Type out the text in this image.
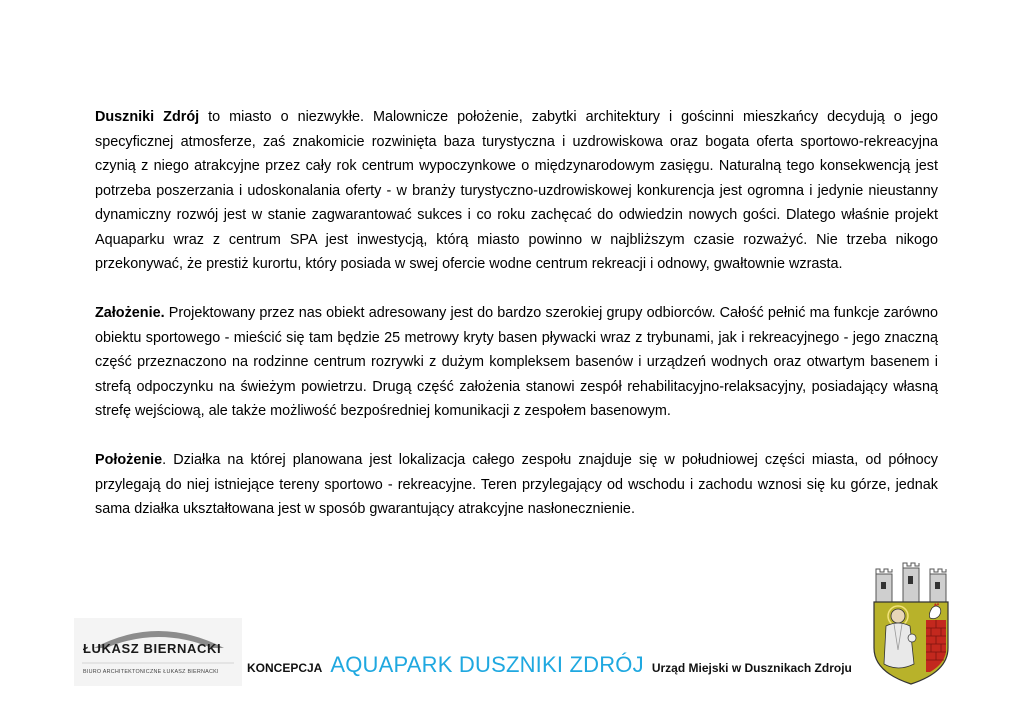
Duszniki Zdrój to miasto o niezwykłe. Malownicze położenie, zabytki architektury i gościnni mieszkańcy decydują o jego specyficznej atmosferze, zaś znakomicie rozwinięta baza turystyczna i uzdrowiskowa oraz bogata oferta sportowo-rekreacyjna czynią z niego atrakcyjne przez cały rok centrum wypoczynkowe o międzynarodowym zasięgu. Naturalną tego konsekwencją jest potrzeba poszerzania i udoskonalania oferty - w branży turystyczno-uzdrowiskowej konkurencja jest ogromna i jedynie nieustanny dynamiczny rozwój jest w stanie zagwarantować sukces i co roku zachęcać do odwiedzin nowych gości. Dlatego właśnie projekt Aquaparku wraz z centrum SPA jest inwestycją, którą miasto powinno w najbliższym czasie rozważyć. Nie trzeba nikogo przekonywać, że prestiż kurortu, który posiada w swej ofercie wodne centrum rekreacji i odnowy, gwałtownie wzrasta.

Założenie. Projektowany przez nas obiekt adresowany jest do bardzo szerokiej grupy odbiorców. Całość pełnić ma funkcje zarówno obiektu sportowego - mieścić się tam będzie 25 metrowy kryty basen pływacki wraz z trybunami, jak i rekreacyjnego - jego znaczną część przeznaczono na rodzinne centrum rozrywki z dużym kompleksem basenów i urządzeń wodnych oraz otwartym basenem i strefą odpoczynku na świeżym powietrzu. Drugą część założenia stanowi zespół rehabilitacyjno-relaksacyjny, posiadający własną strefę wejściową, ale także możliwość bezpośredniej komunikacji z zespołem basenowym.

Położenie. Działka na której planowana jest lokalizacja całego zespołu znajduje się w południowej części miasta, od północy przylegają do niej istniejące tereny sportowo - rekreacyjne. Teren przylegający od wschodu i zachodu wznosi się ku górze, jednak sama działka ukształtowana jest w sposób gwarantujący atrakcyjne nasłonecznienie.

ŁUKASZ BIERNACKI
BIURO ARCHITEKTONICZNE ŁUKASZ BIERNACKI KONCEPCJA AQUAPARK DUSZNIKI ZDRÓJ Urząd Miejski w Dusznikach Zdroju
